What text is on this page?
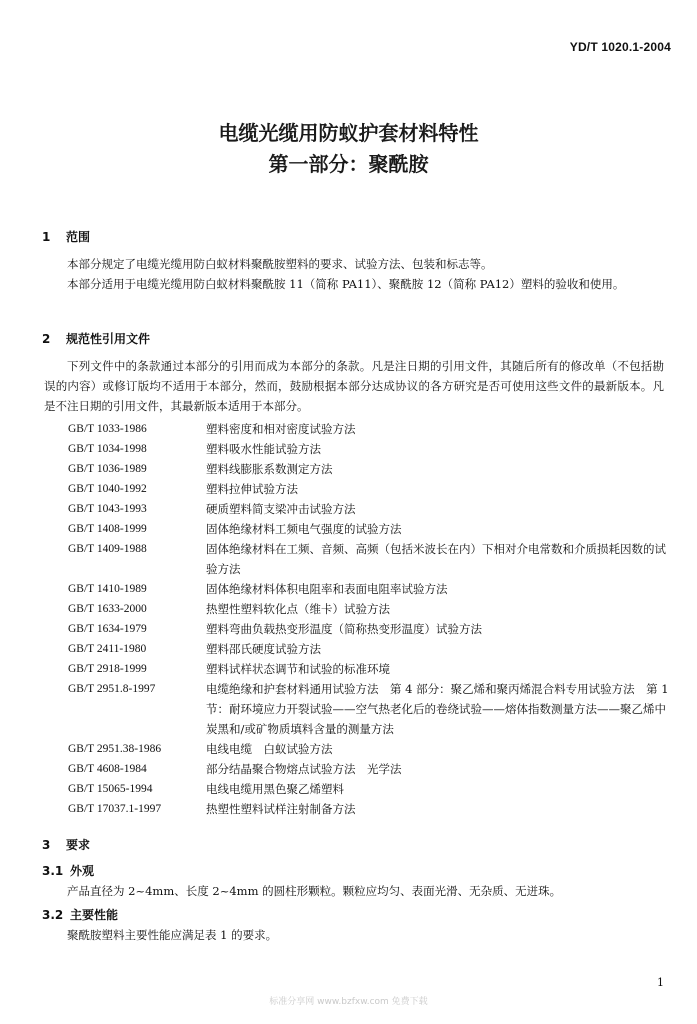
YD/T 1020.1-2004
电缆光缆用防蚁护套材料特性
第一部分：聚酰胺
1 范围

本部分规定了电缆光缆用防白蚁材料聚酰胺塑料的要求、试验方法、包装和标志等。

本部分适用于电缆光缆用防白蚁材料聚酰胺 11（简称 PA11）、聚酰胺 12（简称 PA12）塑料的验收和使用。

2 规范性引用文件

下列文件中的条款通过本部分的引用而成为本部分的条款。凡是注日期的引用文件，其随后所有的修改单（不包括勘误的内容）或修订版均不适用于本部分，然而，鼓励根据本部分达成协议的各方研究是否可使用这些文件的最新版本。凡是不注日期的引用文件，其最新版本适用于本部分。

GB/T 1033-1986	塑料密度和相对密度试验方法
GB/T 1034-1998	塑料吸水性能试验方法
GB/T 1036-1989	塑料线膨胀系数测定方法
GB/T 1040-1992	塑料拉伸试验方法
GB/T 1043-1993	硬质塑料简支梁冲击试验方法
GB/T 1408-1999	固体绝缘材料工频电气强度的试验方法
GB/T 1409-1988	固体绝缘材料在工频、音频、高频（包括米波长在内）下相对介电常数和介质损耗因数的试验方法
GB/T 1410-1989	固体绝缘材料体积电阻率和表面电阻率试验方法
GB/T 1633-2000	热塑性塑料软化点（维卡）试验方法
GB/T 1634-1979	塑料弯曲负载热变形温度（简称热变形温度）试验方法
GB/T 2411-1980	塑料邵氏硬度试验方法
GB/T 2918-1999	塑料试样状态调节和试验的标准环境
GB/T 2951.8-1997	电缆绝缘和护套材料通用试验方法　第 4 部分：聚乙烯和聚丙烯混合料专用试验方法　第 1 节：耐环境应力开裂试验——空气热老化后的卷绕试验——熔体指数测量方法——聚乙烯中炭黑和/或矿物质填料含量的测量方法
GB/T 2951.38-1986	电线电缆　白蚁试验方法
GB/T 4608-1984	部分结晶聚合物熔点试验方法　光学法
GB/T 15065-1994	电线电缆用黑色聚乙烯塑料
GB/T 17037.1-1997	热塑性塑料试样注射制备方法
3 要求
3.1 外观

产品直径为 2~4mm、长度 2~4mm 的圆柱形颗粒。颗粒应均匀、表面光滑、无杂质、无迸珠。

3.2 主要性能

聚酰胺塑料主要性能应满足表 1 的要求。

1
标准分享网 www.bzfxw.com 免费下载
